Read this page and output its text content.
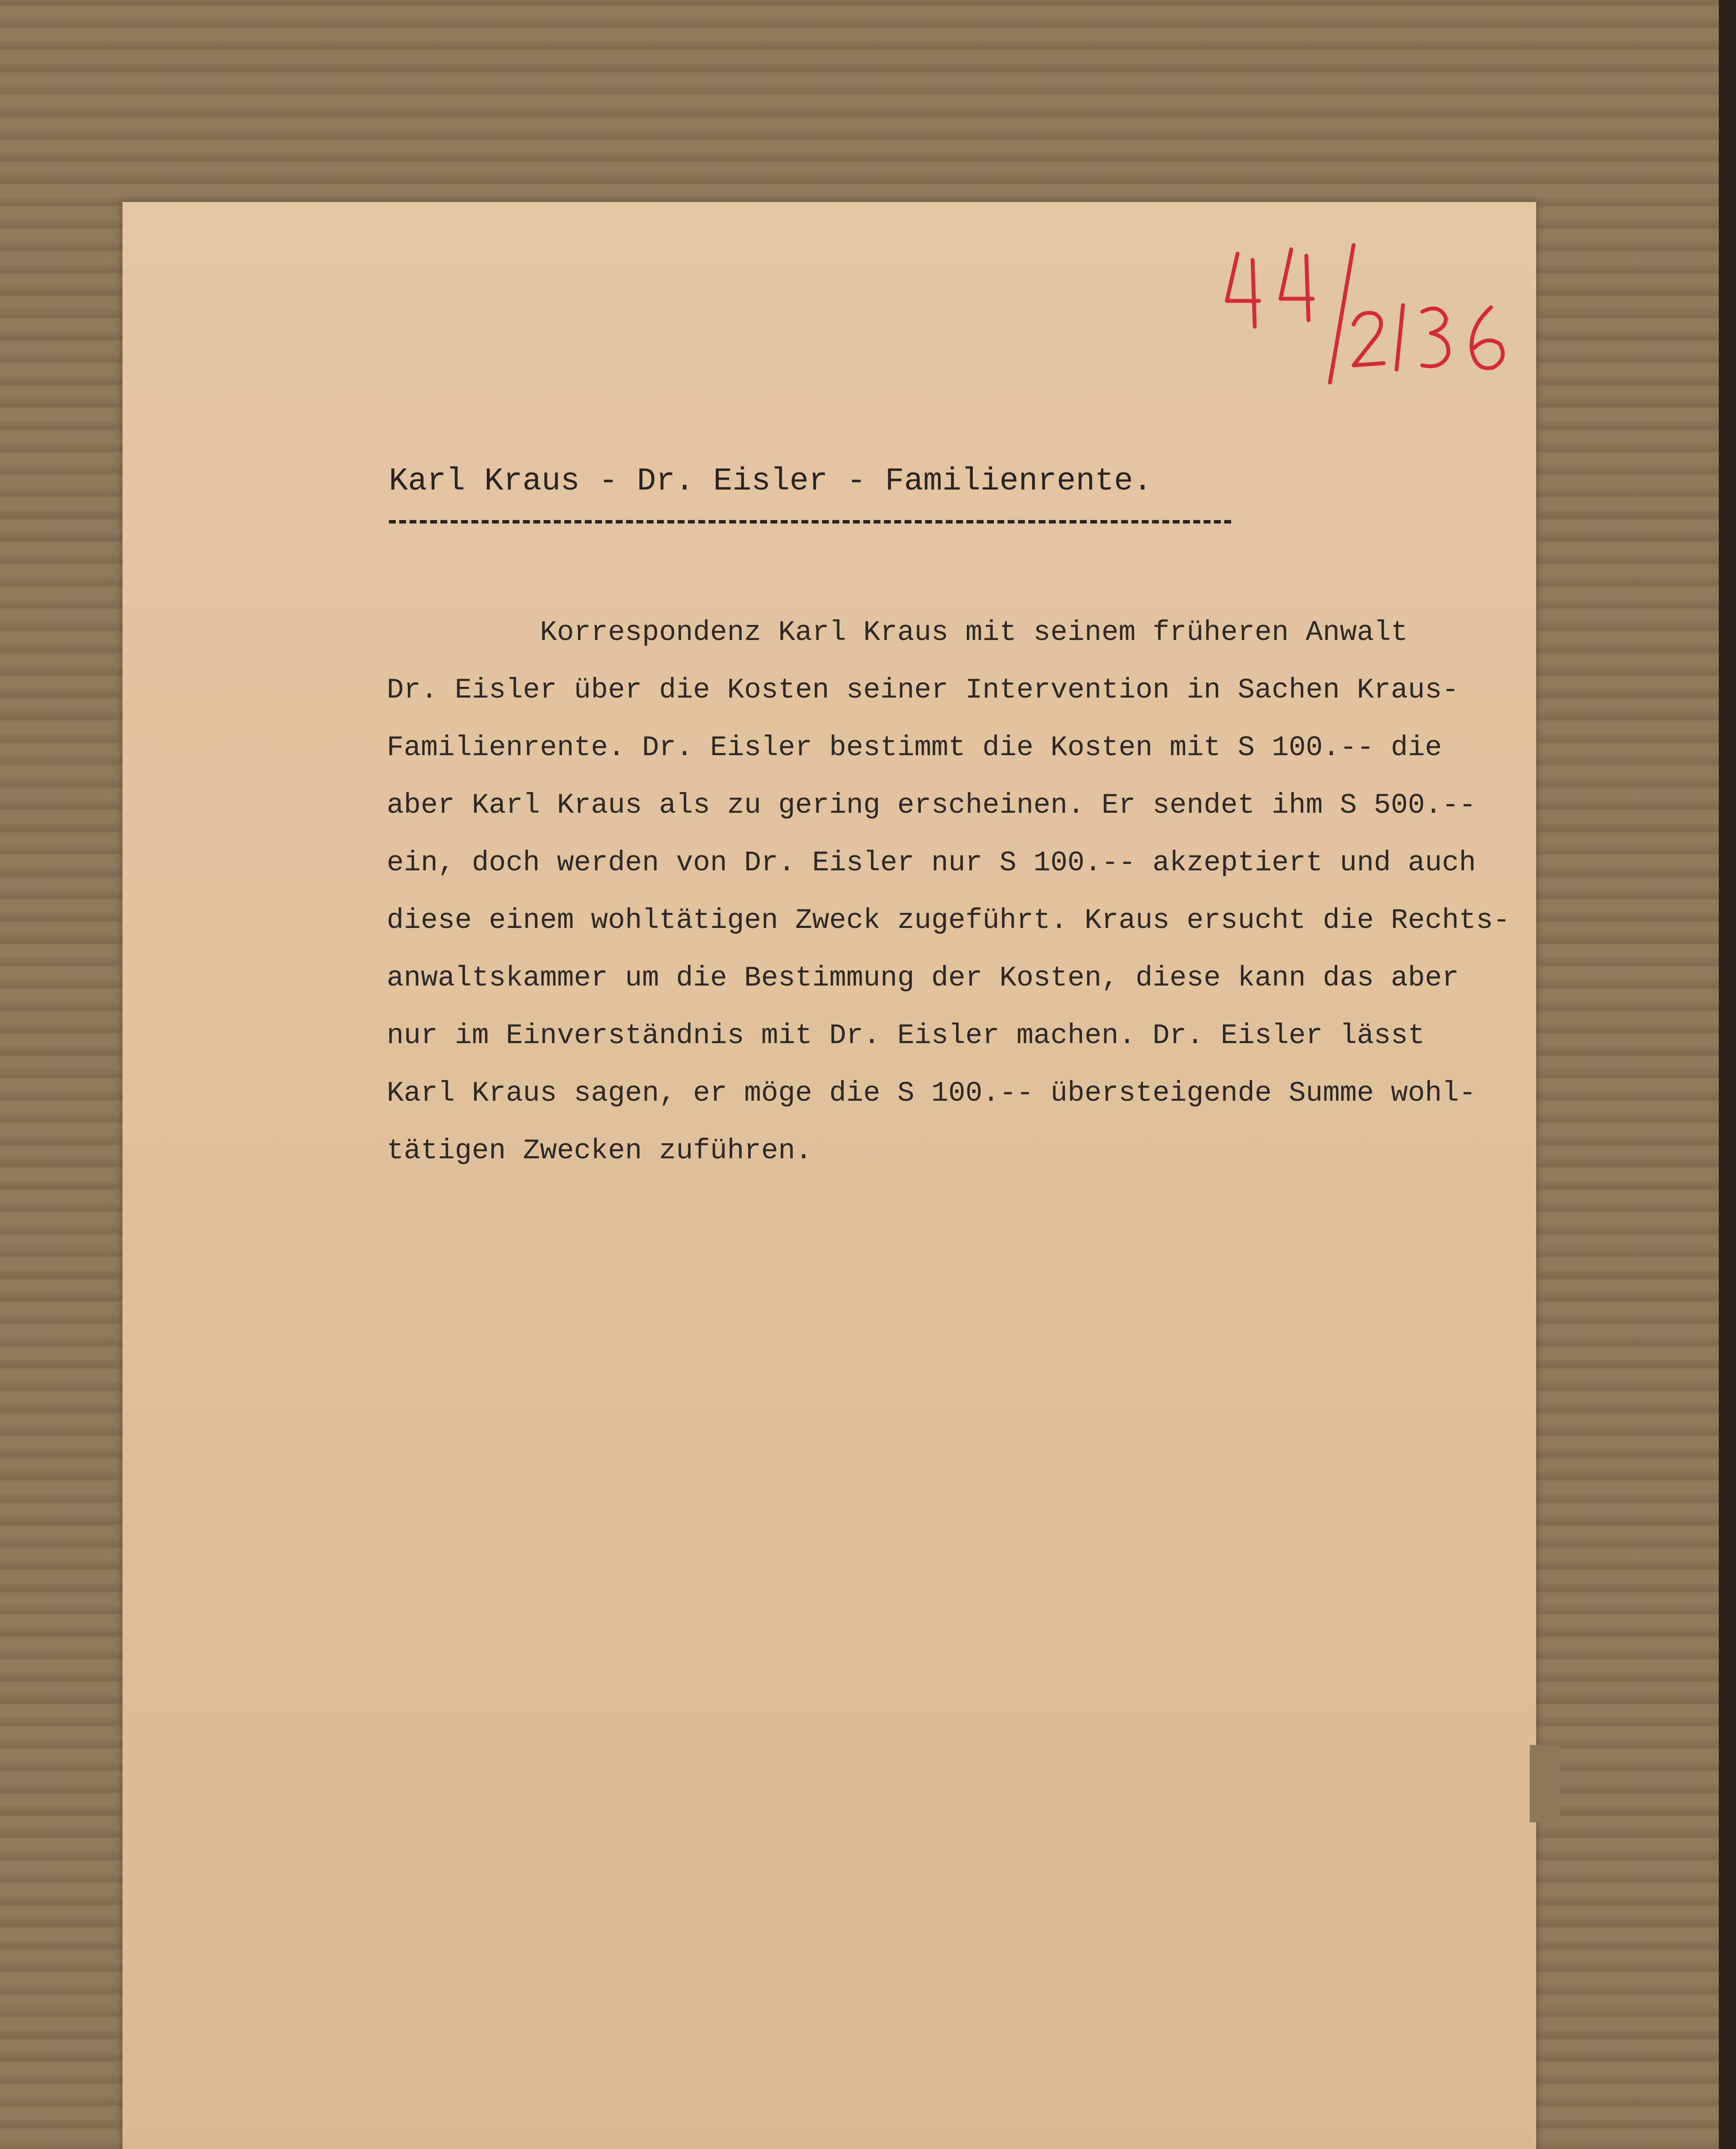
Karl Kraus - Dr. Eisler - Familienrente.
Korrespondenz Karl Kraus mit seinem früheren Anwalt
Dr. Eisler über die Kosten seiner Intervention in Sachen Kraus-
Familienrente. Dr. Eisler bestimmt die Kosten mit S 100.-- die
aber Karl Kraus als zu gering erscheinen. Er sendet ihm S 500.--
ein, doch werden von Dr. Eisler nur S 100.-- akzeptiert und auch
diese einem wohltätigen Zweck zugeführt. Kraus ersucht die Rechts-
anwaltskammer um die Bestimmung der Kosten, diese kann das aber
nur im Einverständnis mit Dr. Eisler machen. Dr. Eisler lässt
Karl Kraus sagen, er möge die S 100.-- übersteigende Summe wohl-
tätigen Zwecken zuführen.
